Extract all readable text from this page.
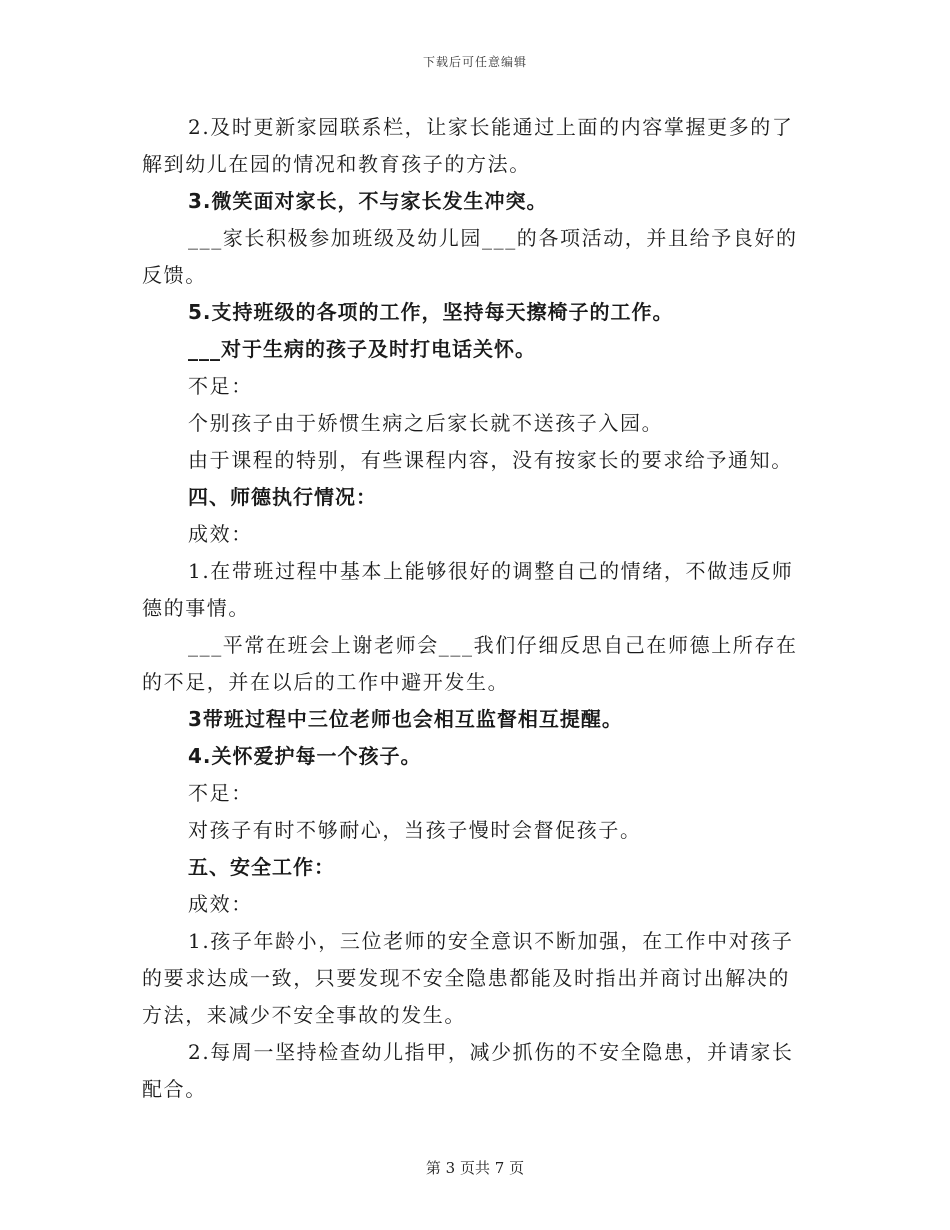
下载后可任意编辑

2.及时更新家园联系栏，让家长能通过上面的内容掌握更多的了解到幼儿在园的情况和教育孩子的方法。

3.微笑面对家长，不与家长发生冲突。

___家长积极参加班级及幼儿园___的各项活动，并且给予良好的反馈。

5.支持班级的各项的工作，坚持每天擦椅子的工作。

___对于生病的孩子及时打电话关怀。

不足：

个别孩子由于娇惯生病之后家长就不送孩子入园。

由于课程的特别，有些课程内容，没有按家长的要求给予通知。

四、师德执行情况：

成效：

1.在带班过程中基本上能够很好的调整自己的情绪，不做违反师德的事情。

___平常在班会上谢老师会___我们仔细反思自己在师德上所存在的不足，并在以后的工作中避开发生。

3带班过程中三位老师也会相互监督相互提醒。

4.关怀爱护每一个孩子。

不足：

对孩子有时不够耐心，当孩子慢时会督促孩子。

五、安全工作：

成效：

1.孩子年龄小，三位老师的安全意识不断加强，在工作中对孩子的要求达成一致，只要发现不安全隐患都能及时指出并商讨出解决的方法，来减少不安全事故的发生。

2.每周一坚持检查幼儿指甲，减少抓伤的不安全隐患，并请家长配合。

第 3 页共 7 页
